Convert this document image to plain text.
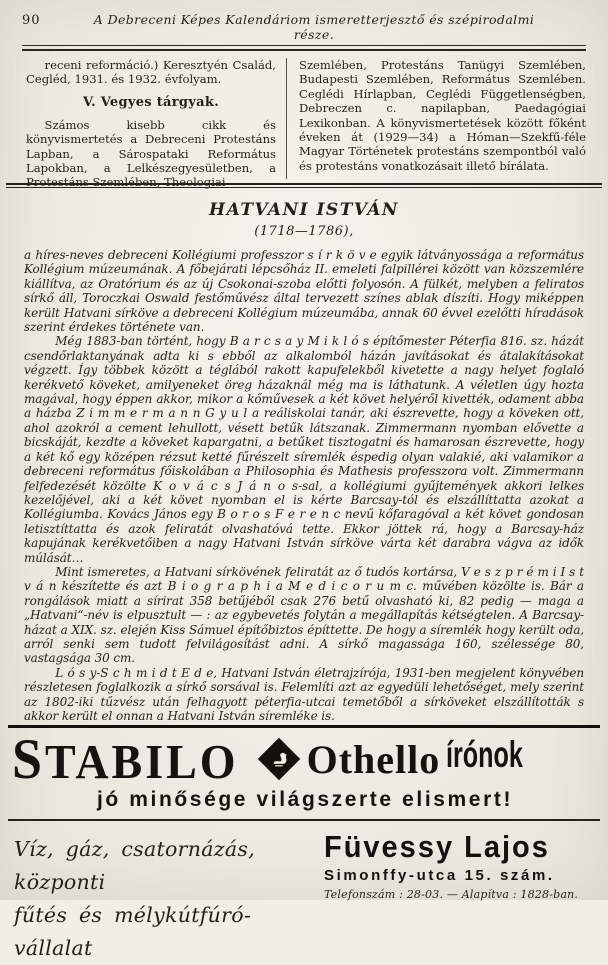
90	A Debreceni Képes Kalendáriom ismeretterjesztő és szépirodalmi része.

receni reformáció.) Keresztyén Család, Cegléd, 1931. és 1932. évfolyam.

V. Vegyes tárgyak.

Számos kisebb cikk és könyvismertetés a Debreceni Protestáns Lapban, a Sárospataki Református Lapokban, a Lelkészegyesületben, a Protestáns Szemlében, Theologiai

Szemlében, Protestáns Tanügyi Szemlében, Budapesti Szemlében, Református Szemlében. Ceglédi Hírlapban, Ceglédi Függetlenségben, Debreczen c. napilapban, Paedagógiai Lexikonban. A könyvismertetések között főként éveken át (1929—34) a Hóman—Szekfű-féle Magyar Történetek protestáns szempontból való és protestáns vonatkozásait illető bírálata.

HATVANI ISTVÁN
(1718—1786),

a híres-neves debreceni Kollégiumi professzor s í r k ö v e egyik látványossága a református Kollégium múzeumának. A főbejárati lépcsőház II. emeleti falpillérei között van közszemlére kiállítva, az Oratórium és az új Csokonai-szoba előtti folyosón. A fülkét, melyben a feliratos sírkő áll, Toroczkai Oswald festőművész által tervezett színes ablak díszíti. Hogy miképpen került Hatvani sírköve a debreceni Kollégium múzeumába, annak 60 évvel ezelőtti híradások szerint érdekes története van.

Még 1883-ban történt, hogy B a r c s a y M i k l ó s építőmester Péterfia 816. sz. házát csendőrlaktanyának adta ki s ebből az alkalomból házán javításokat és átalakításokat végzett. Így többek között a téglából rakott kapufelekből kivetette a nagy helyet foglaló kerékvető köveket, amilyeneket öreg házaknál még ma is láthatunk. A véletlen úgy hozta magával, hogy éppen akkor, mikor a kőművesek a két követ helyéről kivették, odament abba a házba Z i m m e r m a n n G y u l a reáliskolai tanár, aki észrevette, hogy a köveken ott, ahol azokról a cement lehullott, vésett betűk látszanak. Zimmermann nyomban elővette a bicskáját, kezdte a köveket kapargatni, a betűket tisztogatni és hamarosan észrevette, hogy a két kő egy középen rézsut ketté fűrészelt síremlék éspedig olyan valakié, aki valamikor a debreceni református főiskolában a Philosophia és Mathesis professzora volt. Zimmermann felfedezését közölte K o v á c s J á n o s-sal, a kollégiumi gyűjtemények akkori lelkes kezelőjével, aki a két követ nyomban el is kérte Barcsay-tól és elszállíttatta azokat a Kollégiumba. Kovács János egy B o r o s F e r e n c nevű kőfaragóval a két követ gondosan letisztíttatta és azok feliratát olvashatóvá tette. Ekkor jöttek rá, hogy a Barcsay-ház kapujának kerékvetőiben a nagy Hatvani István sírköve várta két darabra vágva az idők múlását…

Mint ismeretes, a Hatvani sírkövének feliratát az ő tudós kortársa, V e s z p r é m i I s t v á n készítette és azt B i o g r a p h i a M e d i c o r u m c. művében közölte is. Bár a rongálások miatt a sírirat 358 betűjéből csak 276 betű olvasható ki, 82 pedig — maga a „Hatvani“-név is elpusztult — : az egybevetés folytán a megállapítás kétségtelen. A Barcsay-házat a XIX. sz. elején Kiss Sámuel építőbiztos építtette. De hogy a síremlék hogy került oda, arról senki sem tudott felvilágosítást adni. A sírkő magassága 160, szélessége 80, vastagsága 30 cm.

L ó s y-S c h m i d t E d e, Hatvani István életrajzírója, 1931-ben megjelent könyvében részletesen foglalkozik a sírkő sorsával is. Felemlíti azt az egyedüli lehetőséget, mely szerint az 1802-iki tűzvész után felhagyott péterfia-utcai temetőből a sírköveket elszállították s akkor került el onnan a Hatvani István síremléke is.

STABILO Othello írónok
jó minősége világszerte elismert!
Víz, gáz, csatornázás, központi
fűtés és mélykútfúró-vállalat
Füvessy Lajos
Simonffy-utca 15. szám.
Telefonszám : 28-03. — Alapítva : 1828-ban.
